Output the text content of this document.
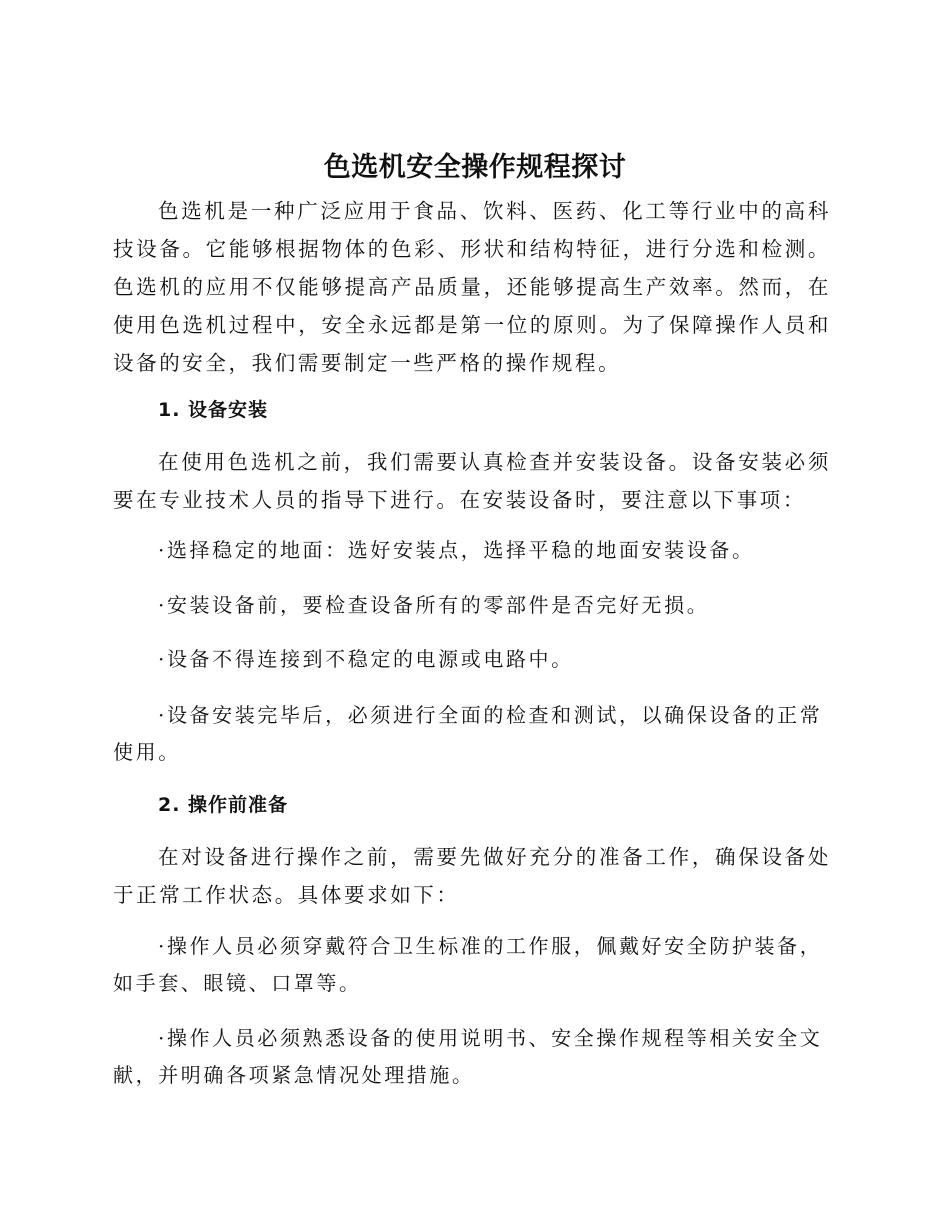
色选机安全操作规程探讨

色选机是一种广泛应用于食品、饮料、医药、化工等行业中的高科技设备。它能够根据物体的色彩、形状和结构特征，进行分选和检测。色选机的应用不仅能够提高产品质量，还能够提高生产效率。然而，在使用色选机过程中，安全永远都是第一位的原则。为了保障操作人员和设备的安全，我们需要制定一些严格的操作规程。

1. 设备安装

在使用色选机之前，我们需要认真检查并安装设备。设备安装必须要在专业技术人员的指导下进行。在安装设备时，要注意以下事项：

·选择稳定的地面：选好安装点，选择平稳的地面安装设备。
·安装设备前，要检查设备所有的零部件是否完好无损。
·设备不得连接到不稳定的电源或电路中。
·设备安装完毕后，必须进行全面的检查和测试，以确保设备的正常使用。
2. 操作前准备

在对设备进行操作之前，需要先做好充分的准备工作，确保设备处于正常工作状态。具体要求如下：

·操作人员必须穿戴符合卫生标准的工作服，佩戴好安全防护装备，如手套、眼镜、口罩等。
·操作人员必须熟悉设备的使用说明书、安全操作规程等相关安全文献，并明确各项紧急情况处理措施。
